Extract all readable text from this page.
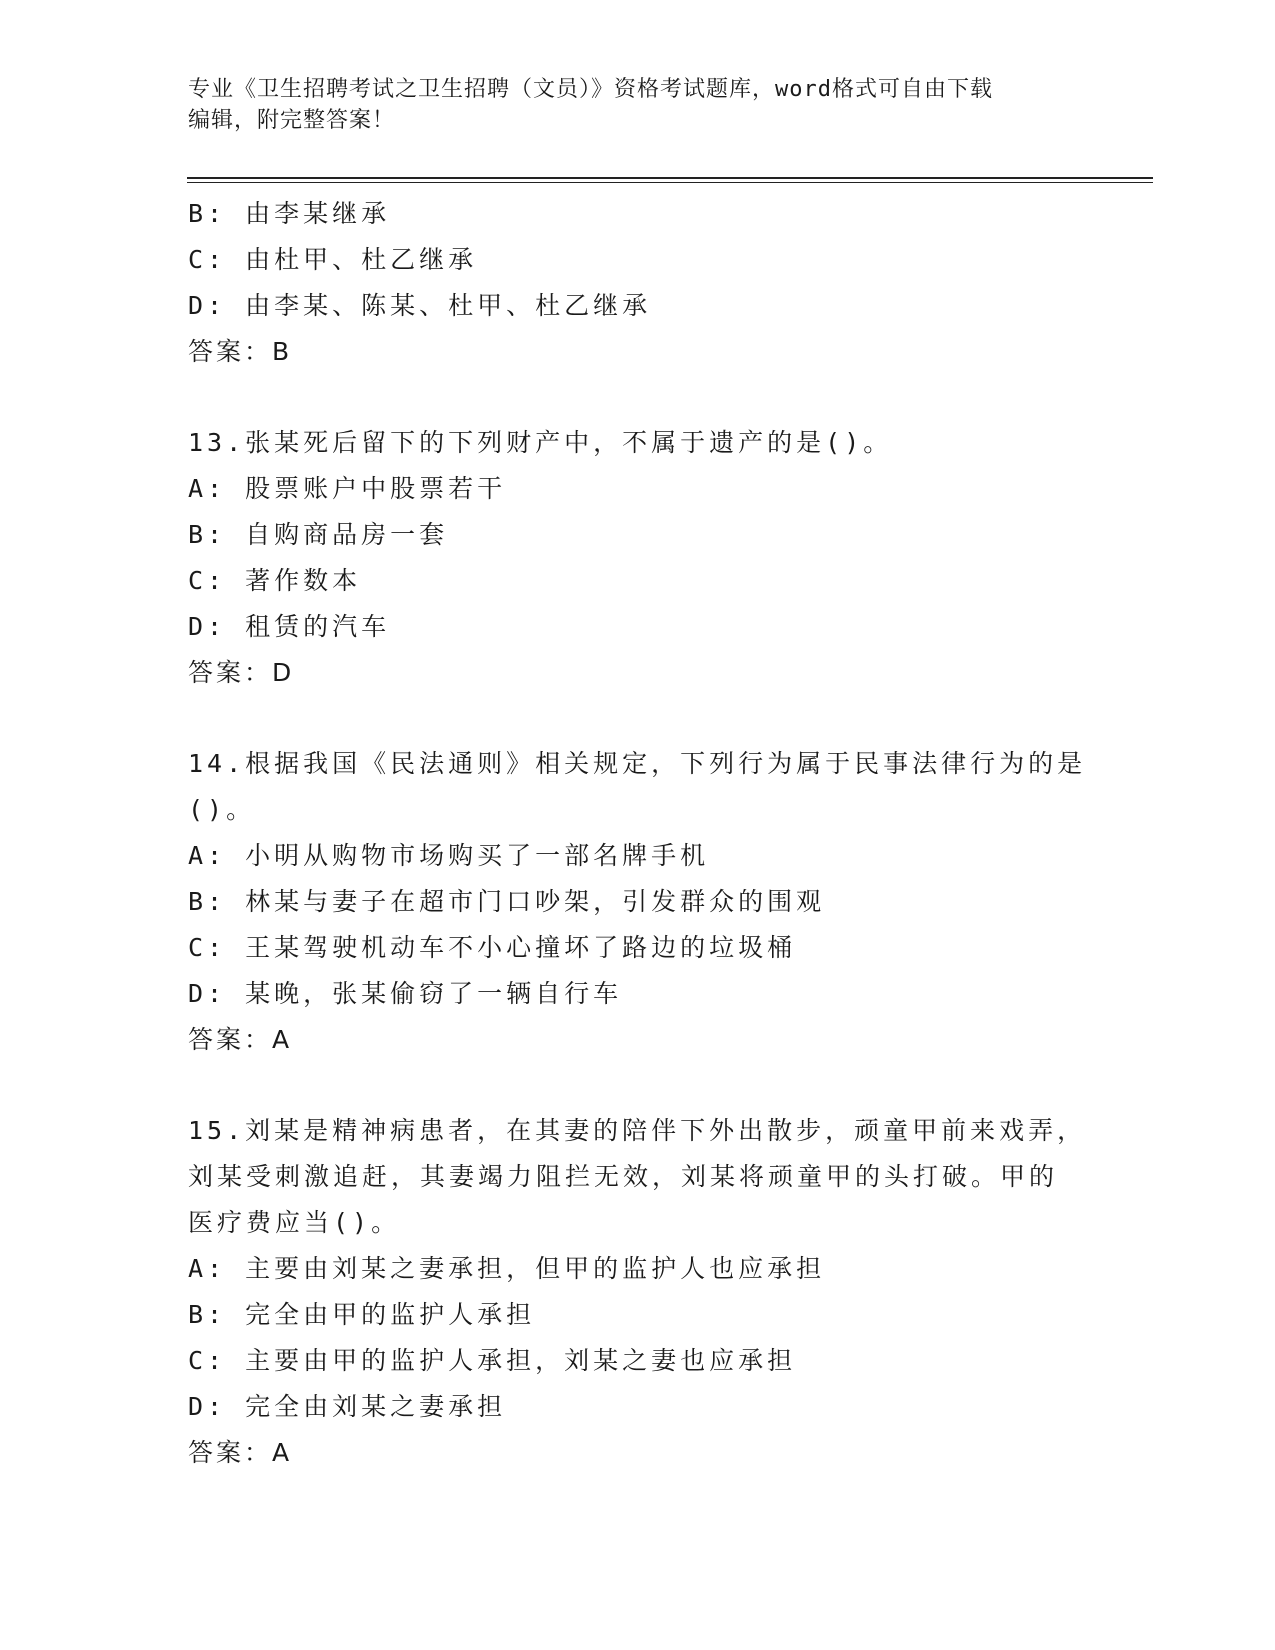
专业《卫生招聘考试之卫生招聘（文员）》资格考试题库，word格式可自由下载
编辑，附完整答案！
B: 由李某继承
C: 由杜甲、杜乙继承
D: 由李某、陈某、杜甲、杜乙继承
答案：B
13.张某死后留下的下列财产中，不属于遗产的是()。
A: 股票账户中股票若干
B: 自购商品房一套
C: 著作数本
D: 租赁的汽车
答案：D
14.根据我国《民法通则》相关规定，下列行为属于民事法律行为的是
()。
A: 小明从购物市场购买了一部名牌手机
B: 林某与妻子在超市门口吵架，引发群众的围观
C: 王某驾驶机动车不小心撞坏了路边的垃圾桶
D: 某晚，张某偷窃了一辆自行车
答案：A
15.刘某是精神病患者，在其妻的陪伴下外出散步，顽童甲前来戏弄，
刘某受刺激追赶，其妻竭力阻拦无效，刘某将顽童甲的头打破。甲的
医疗费应当()。
A: 主要由刘某之妻承担，但甲的监护人也应承担
B: 完全由甲的监护人承担
C: 主要由甲的监护人承担，刘某之妻也应承担
D: 完全由刘某之妻承担
答案：A
